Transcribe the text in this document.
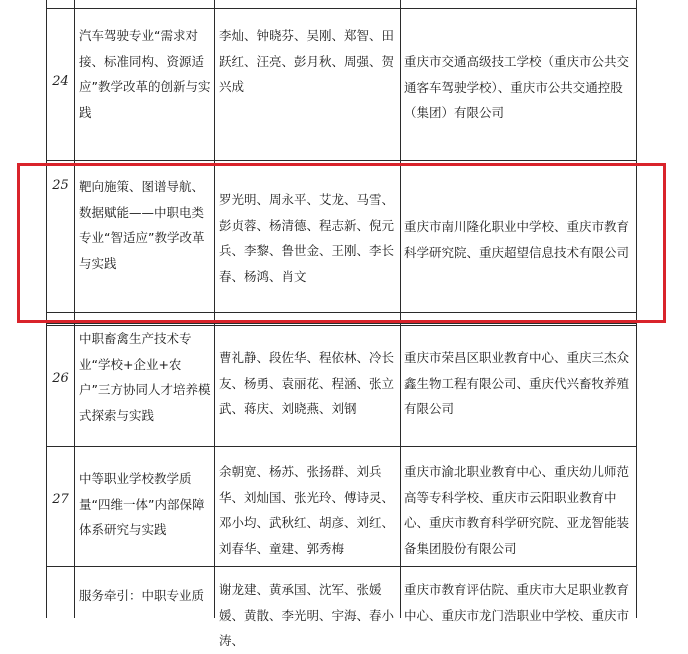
24
汽车驾驶专业“需求对接、标准同构、资源适应”教学改革的创新与实践
李灿、钟晓芬、吴刚、郑智、田跃红、汪亮、彭月秋、周强、贺兴成
重庆市交通高级技工学校（重庆市公共交通客车驾驶学校）、重庆市公共交通控股（集团）有限公司
25 靶向施策、图谱导航、数据赋能——中职电类专业“智适应”教学改革与实践
罗光明、周永平、艾龙、马雪、彭贞蓉、杨清德、程志新、倪元兵、李黎、鲁世金、王刚、李长春、杨鸿、肖文
重庆市南川隆化职业中学校、重庆市教育科学研究院、重庆超望信息技术有限公司
26
中职畜禽生产技术专业“学校+企业+农户”三方协同人才培养模式探索与实践
曹礼静、段佐华、程依林、冷长友、杨勇、袁丽花、程涵、张立武、蒋庆、刘晓燕、刘钢
重庆市荣昌区职业教育中心、重庆三杰众鑫生物工程有限公司、重庆代兴畜牧养殖有限公司
27
中等职业学校教学质量“四维一体”内部保障体系研究与实践
余朝宽、杨苏、张扬群、刘兵华、刘灿国、张光玲、傅诗灵、邓小均、武秋红、胡彦、刘红、刘春华、童建、郭秀梅
重庆市渝北职业教育中心、重庆幼儿师范高等专科学校、重庆市云阳职业教育中心、重庆市教育科学研究院、亚龙智能装备集团股份有限公司
服务牵引：中职专业质	谢龙建、黄承国、沈军、张媛媛、黄散、李光明、宇海、春小涛、
重庆市教育评估院、重庆市大足职业教育中心、重庆市龙门浩职业中学校、重庆市
